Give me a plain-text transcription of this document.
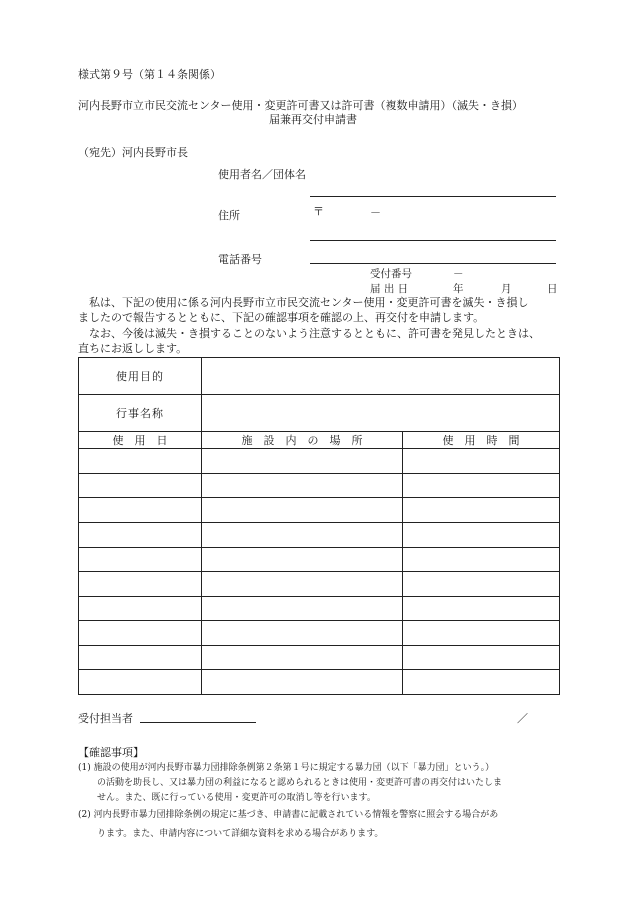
様式第９号（第１４条関係）
河内長野市立市民交流センター使用・変更許可書又は許可書（複数申請用）（滅失・き損）
届兼再交付申請書
（宛先）河内長野市長
使用者名／団体名
住所	〒	－
電話番号
受付番号	－
届 出 日	年	月	日
　私は、下記の使用に係る河内長野市立市民交流センター使用・変更許可書を滅失・き損し
ましたので報告するとともに、下記の確認事項を確認の上、再交付を申請します。
　なお、今後は滅失・き損することのないよう注意するとともに、許可書を発見したときは、
直ちにお返しします。
使用目的		
行事名称		
使　用　日	施　設　内　の　場　所	使　用　時　間

受付担当者	／
【確認事項】
(1) 施設の使用が河内長野市暴力団排除条例第２条第１号に規定する暴力団（以下「暴力団」という。）
の活動を助長し、又は暴力団の利益になると認められるときは使用・変更許可書の再交付はいたしま
せん。また、既に行っている使用・変更許可の取消し等を行います。
(2) 河内長野市暴力団排除条例の規定に基づき、申請書に記載されている情報を警察に照会する場合があ
ります。また、申請内容について詳細な資料を求める場合があります。
